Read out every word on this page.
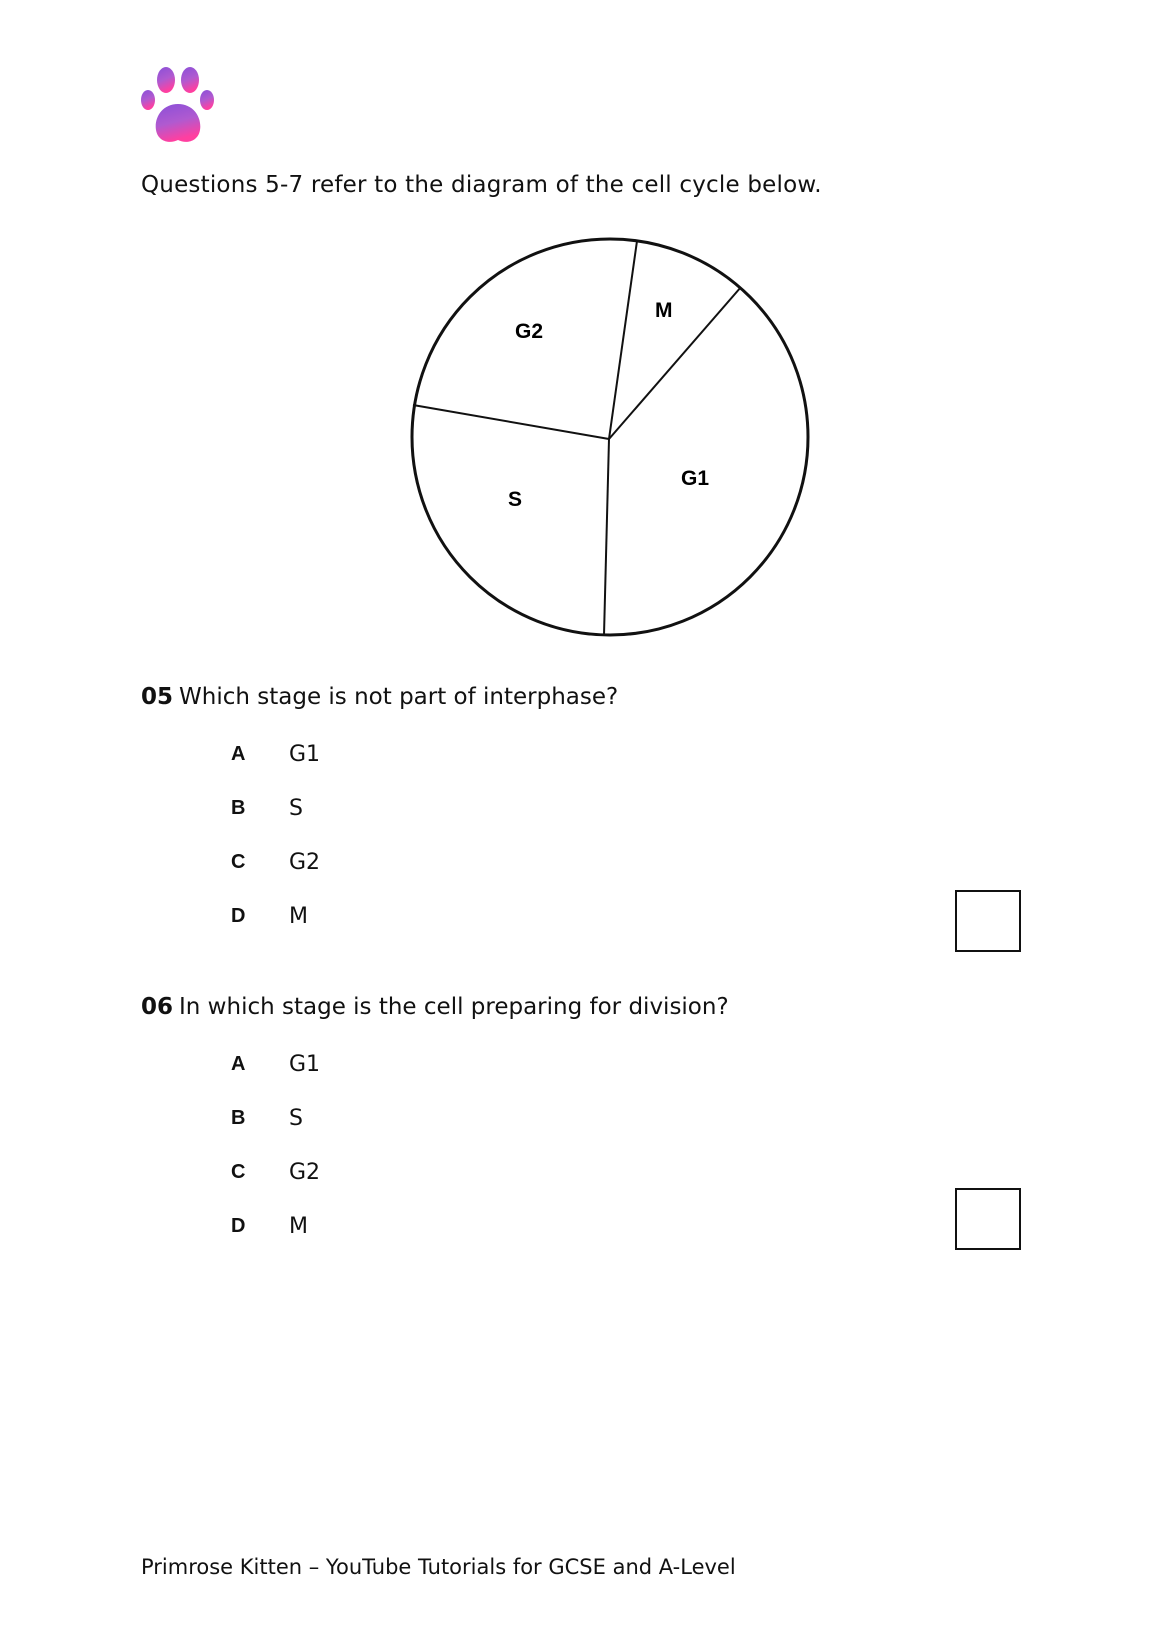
Questions 5-7 refer to the diagram of the cell cycle below.
M
G2
G1
S
05 Which stage is not part of interphase?
A	G1
B	S
C	G2
D	M
06 In which stage is the cell preparing for division?
A	G1
B	S
C	G2
D	M
Primrose Kitten – YouTube Tutorials for GCSE and A-Level
